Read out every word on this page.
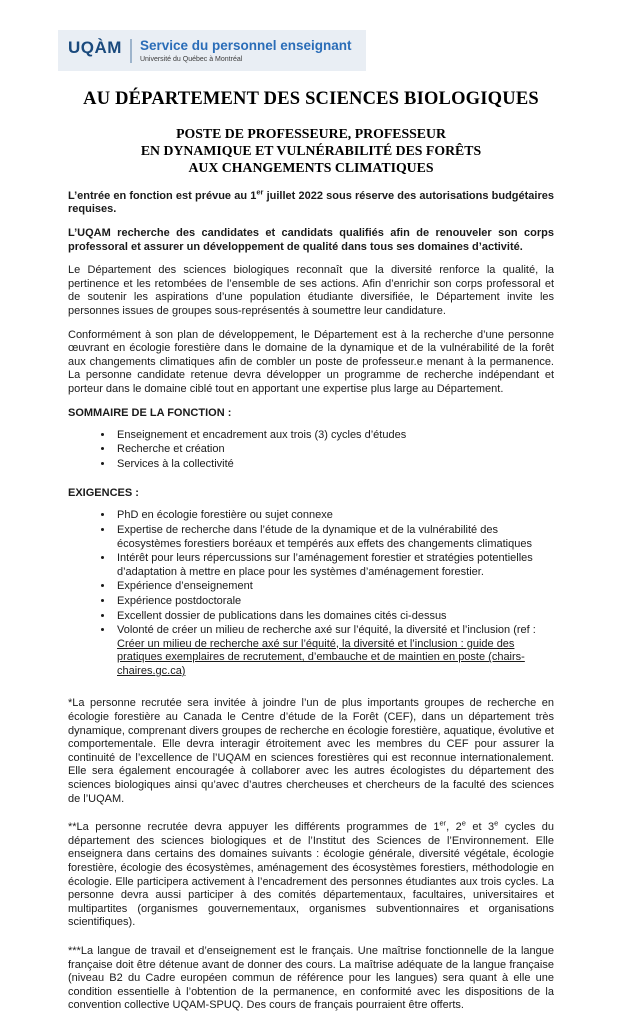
UQÀM Service du personnel enseignant
Université du Québec à Montréal
AU DÉPARTEMENT DES SCIENCES BIOLOGIQUES
POSTE DE PROFESSEURE, PROFESSEUR
EN DYNAMIQUE ET VULNÉRABILITÉ DES FORÊTS
AUX CHANGEMENTS CLIMATIQUES

L’entrée en fonction est prévue au 1er juillet 2022 sous réserve des autorisations budgétaires requises.

L’UQAM recherche des candidates et candidats qualifiés afin de renouveler son corps professoral et assurer un développement de qualité dans tous ses domaines d’activité.

Le Département des sciences biologiques reconnaît que la diversité renforce la qualité, la pertinence et les retombées de l’ensemble de ses actions. Afin d’enrichir son corps professoral et de soutenir les aspirations d’une population étudiante diversifiée, le Département invite les personnes issues de groupes sous-représentés à soumettre leur candidature.

Conformément à son plan de développement, le Département est à la recherche d’une personne œuvrant en écologie forestière dans le domaine de la dynamique et de la vulnérabilité de la forêt aux changements climatiques afin de combler un poste de professeur.e menant à la permanence. La personne candidate retenue devra développer un programme de recherche indépendant et porteur dans le domaine ciblé tout en apportant une expertise plus large au Département.

SOMMAIRE DE LA FONCTION :
• Enseignement et encadrement aux trois (3) cycles d’études
• Recherche et création
• Services à la collectivité
EXIGENCES :
• PhD en écologie forestière ou sujet connexe
• Expertise de recherche dans l’étude de la dynamique et de la vulnérabilité des écosystèmes forestiers boréaux et tempérés aux effets des changements climatiques
• Intérêt pour leurs répercussions sur l’aménagement forestier et stratégies potentielles d’adaptation à mettre en place pour les systèmes d’aménagement forestier.
• Expérience d’enseignement
• Expérience postdoctorale
• Excellent dossier de publications dans les domaines cités ci-dessus
• Volonté de créer un milieu de recherche axé sur l’équité, la diversité et l’inclusion (ref : Créer un milieu de recherche axé sur l’équité, la diversité et l’inclusion : guide des pratiques exemplaires de recrutement, d’embauche et de maintien en poste (chairs-chaires.gc.ca)

*La personne recrutée sera invitée à joindre l’un de plus importants groupes de recherche en écologie forestière au Canada le Centre d’étude de la Forêt (CEF), dans un département très dynamique, comprenant divers groupes de recherche en écologie forestière, aquatique, évolutive et comportementale. Elle devra interagir étroitement avec les membres du CEF pour assurer la continuité de l’excellence de l’UQAM en sciences forestières qui est reconnue internationalement. Elle sera également encouragée à collaborer avec les autres écologistes du département des sciences biologiques ainsi qu’avec d’autres chercheuses et chercheurs de la faculté des sciences de l’UQAM.

**La personne recrutée devra appuyer les différents programmes de 1er, 2e et 3e cycles du département des sciences biologiques et de l’Institut des Sciences de l’Environnement. Elle enseignera dans certains des domaines suivants : écologie générale, diversité végétale, écologie forestière, écologie des écosystèmes, aménagement des écosystèmes forestiers, méthodologie en écologie. Elle participera activement à l’encadrement des personnes étudiantes aux trois cycles. La personne devra aussi participer à des comités départementaux, facultaires, universitaires et multipartites (organismes gouvernementaux, organismes subventionnaires et organisations scientifiques).

***La langue de travail et d’enseignement est le français. Une maîtrise fonctionnelle de la langue française doit être détenue avant de donner des cours. La maîtrise adéquate de la langue française (niveau B2 du Cadre européen commun de référence pour les langues) sera quant à elle une condition essentielle à l’obtention de la permanence, en conformité avec les dispositions de la convention collective UQAM-SPUQ. Des cours de français pourraient être offerts.
